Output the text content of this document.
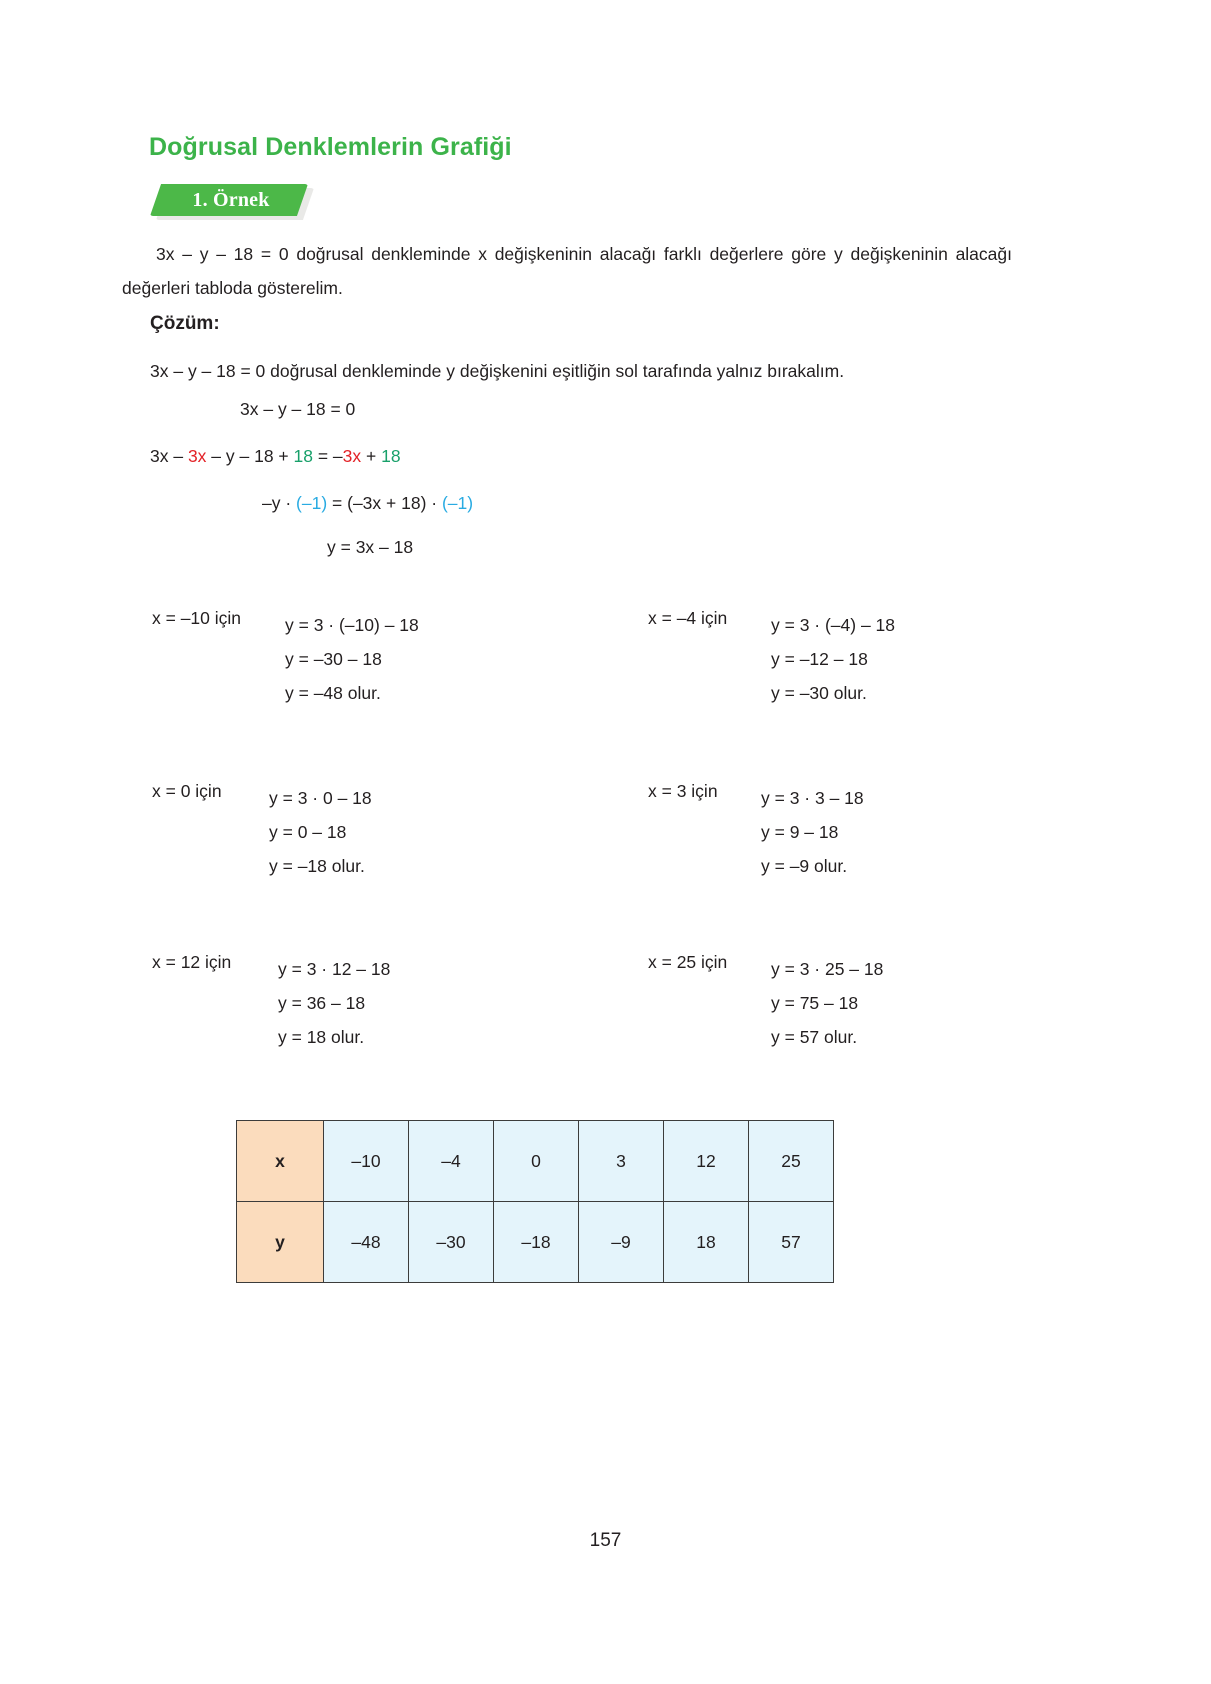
Doğrusal Denklemlerin Grafiği
1. Örnek
3x – y – 18 = 0 doğrusal denkleminde x değişkeninin alacağı farklı değerlere göre y değişkeninin alacağı değerleri tabloda gösterelim.
Çözüm:
3x – y – 18 = 0 doğrusal denkleminde y değişkenini eşitliğin sol tarafında yalnız bırakalım.
3x – y – 18 = 0
3x – 3x – y – 18 + 18 = –3x + 18
–y · (–1) = (–3x + 18) · (–1)
y = 3x – 18
x = –10 için	y = 3 · (–10) – 18
y = –30 – 18
y = –48 olur.
x = –4 için y = 3 · (–4) – 18
y = –12 – 18
y = –30 olur.
x = 0 için	y = 3 · 0 – 18
y = 0 – 18
y = –18 olur.
x = 3 için y = 3 · 3 – 18
y = 9 – 18
y = –9 olur.
x = 12 için	y = 3 · 12 – 18
y = 36 – 18
y = 18 olur.
x = 25 için y = 3 · 25 – 18
y = 75 – 18
y = 57 olur.
x	–10	–4	0	3	12	25
y	–48	–30	–18	–9	18	57
157
